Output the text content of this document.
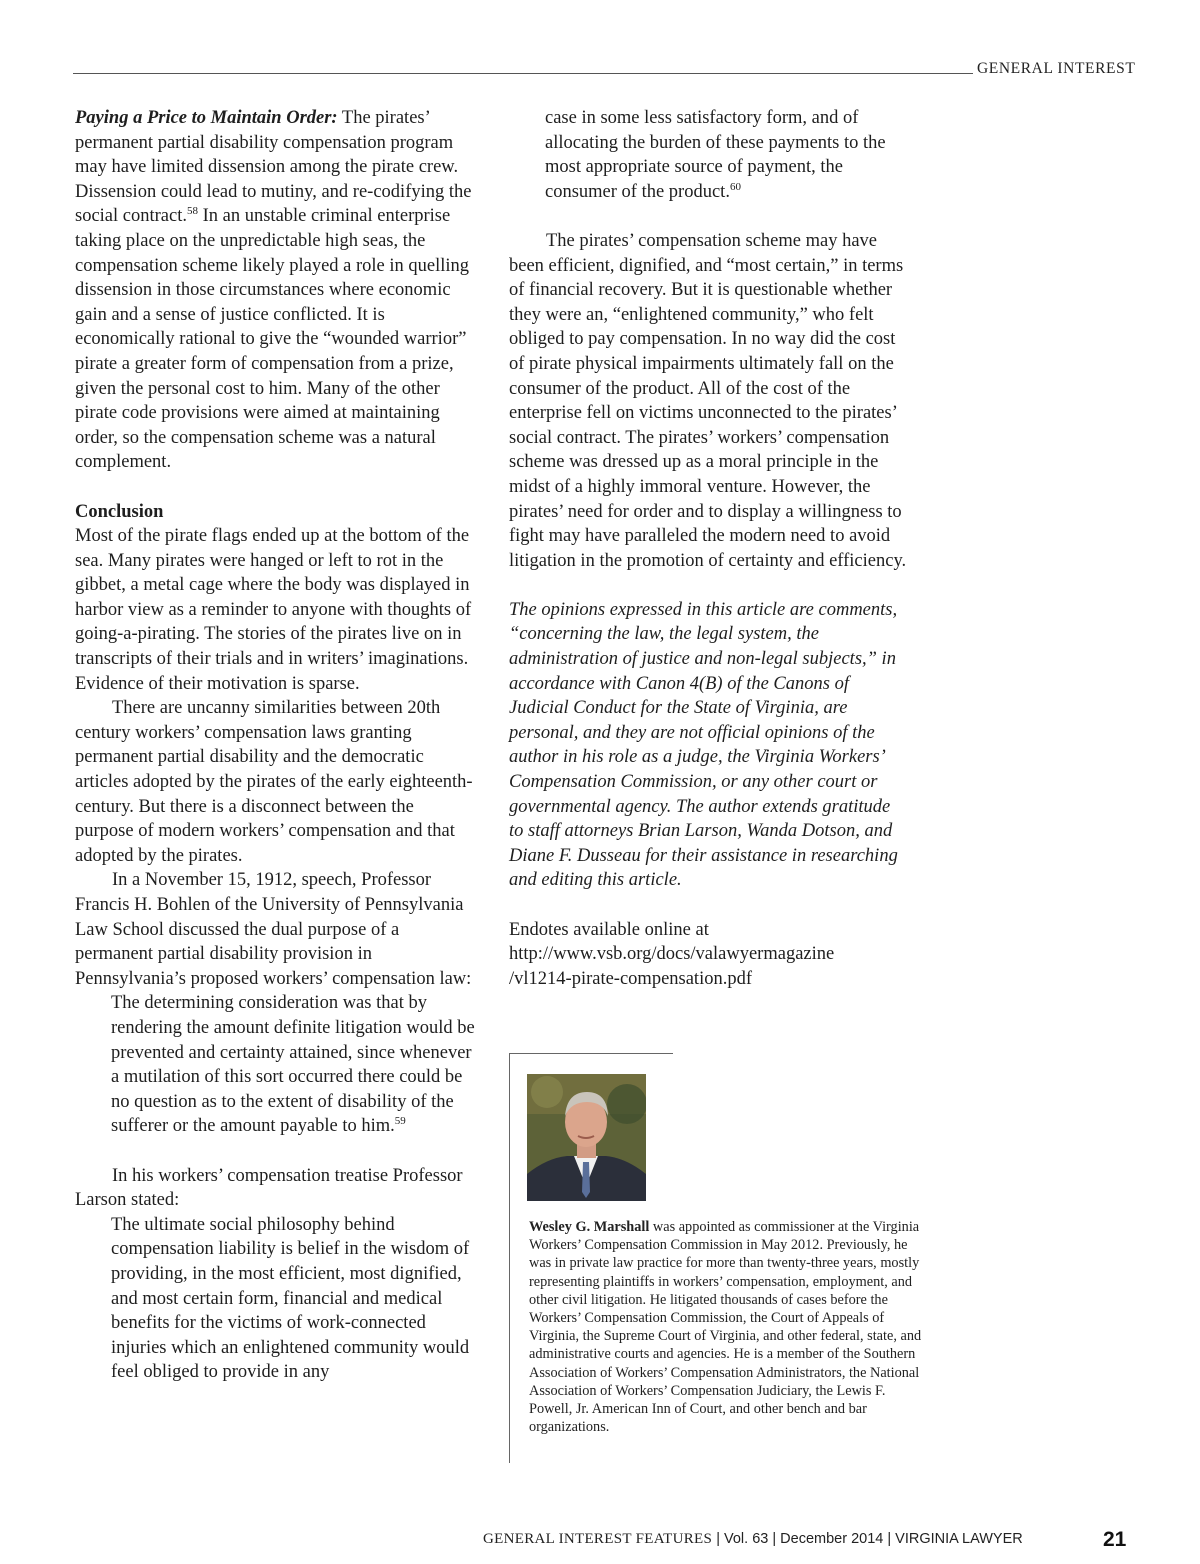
GENERAL INTEREST

Paying a Price to Maintain Order: The pirates’ permanent partial disability compensation program may have limited dissension among the pirate crew. Dissension could lead to mutiny, and re-codifying the social contract.$^{58}$ In an unstable criminal enterprise taking place on the unpredictable high seas, the compensation scheme likely played a role in quelling dissension in those circumstances where economic gain and a sense of justice conflicted. It is economically rational to give the “wounded warrior” pirate a greater form of compensation from a prize, given the personal cost to him. Many of the other pirate code provisions were aimed at maintaining order, so the compensation scheme was a natural complement.

Conclusion

Most of the pirate flags ended up at the bottom of the sea. Many pirates were hanged or left to rot in the gibbet, a metal cage where the body was displayed in harbor view as a reminder to anyone with thoughts of going-a-pirating. The stories of the pirates live on in transcripts of their trials and in writers’ imaginations. Evidence of their motivation is sparse.

There are uncanny similarities between 20th century workers’ compensation laws granting permanent partial disability and the democratic articles adopted by the pirates of the early eighteenth-century. But there is a disconnect between the purpose of modern workers’ compensation and that adopted by the pirates.

In a November 15, 1912, speech, Professor Francis H. Bohlen of the University of Pennsylvania Law School discussed the dual purpose of a permanent partial disability provision in Pennsylvania’s proposed workers’ compensation law:

The determining consideration was that by rendering the amount definite litigation would be prevented and certainty attained, since whenever a mutilation of this sort occurred there could be no question as to the extent of disability of the sufferer or the amount payable to him.$^{59}$

In his workers’ compensation treatise Professor Larson stated:

The ultimate social philosophy behind compensation liability is belief in the wisdom of providing, in the most efficient, most dignified, and most certain form, financial and medical benefits for the victims of work-connected injuries which an enlightened community would feel obliged to provide in any

case in some less satisfactory form, and of allocating the burden of these payments to the most appropriate source of payment, the consumer of the product.$^{60}$

The pirates’ compensation scheme may have been efficient, dignified, and “most certain,” in terms of financial recovery. But it is questionable whether they were an, “enlightened community,” who felt obliged to pay compensation. In no way did the cost of pirate physical impairments ultimately fall on the consumer of the product. All of the cost of the enterprise fell on victims unconnected to the pirates’ social contract. The pirates’ workers’ compensation scheme was dressed up as a moral principle in the midst of a highly immoral venture. However, the pirates’ need for order and to display a willingness to fight may have paralleled the modern need to avoid litigation in the promotion of certainty and efficiency.

The opinions expressed in this article are comments, “concerning the law, the legal system, the administration of justice and non-legal subjects,” in accordance with Canon 4(B) of the Canons of Judicial Conduct for the State of Virginia, are personal, and they are not official opinions of the author in his role as a judge, the Virginia Workers’ Compensation Commission, or any other court or governmental agency. The author extends gratitude to staff attorneys Brian Larson, Wanda Dotson, and Diane F. Dusseau for their assistance in researching and editing this article.

Endotes available online at
http://www.vsb.org/docs/valawyermagazine
/vl1214-pirate-compensation.pdf

Wesley G. Marshall was appointed as commissioner at the Virginia Workers’ Compensation Commission in May 2012. Previously, he was in private law practice for more than twenty-three years, mostly representing plaintiffs in workers’ compensation, employment, and other civil litigation. He litigated thousands of cases before the Workers’ Compensation Commission, the Court of Appeals of Virginia, the Supreme Court of Virginia, and other federal, state, and administrative courts and agencies. He is a member of the Southern Association of Workers’ Compensation Administrators, the National Association of Workers’ Compensation Judiciary, the Lewis F. Powell, Jr. American Inn of Court, and other bench and bar organizations.
GENERAL INTEREST FEATURES | Vol. 63 | December 2014 | VIRGINIA LAWYER	21
